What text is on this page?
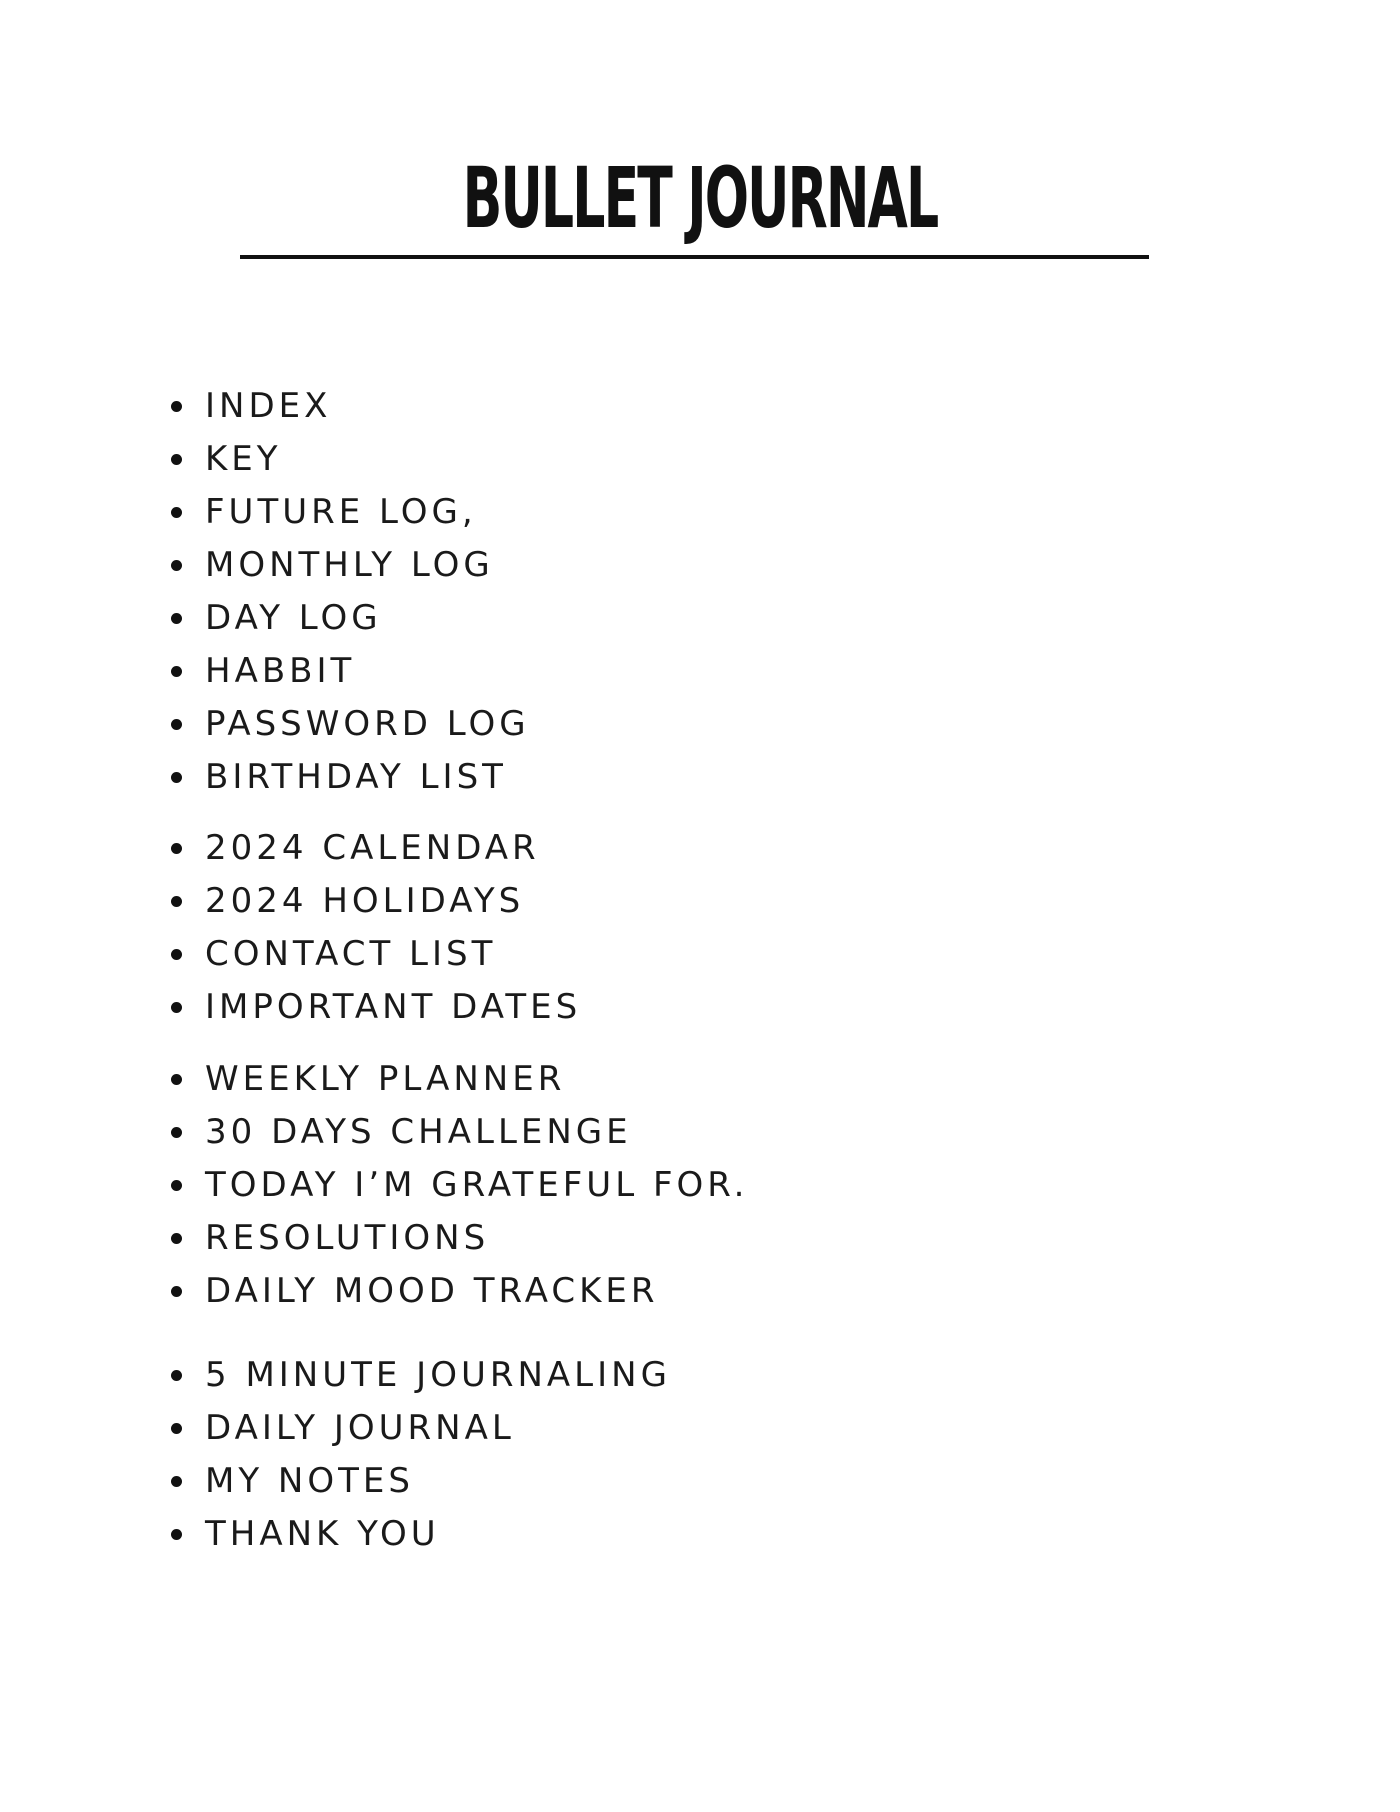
BULLET JOURNAL
INDEX
KEY
FUTURE LOG,
MONTHLY LOG
DAY LOG
HABBIT
PASSWORD LOG
BIRTHDAY LIST
2024 CALENDAR
2024 HOLIDAYS
CONTACT LIST
IMPORTANT DATES
WEEKLY PLANNER
30 DAYS CHALLENGE
TODAY I’M GRATEFUL FOR.
RESOLUTIONS
DAILY MOOD TRACKER
5 MINUTE JOURNALING
DAILY JOURNAL
MY NOTES
THANK YOU
